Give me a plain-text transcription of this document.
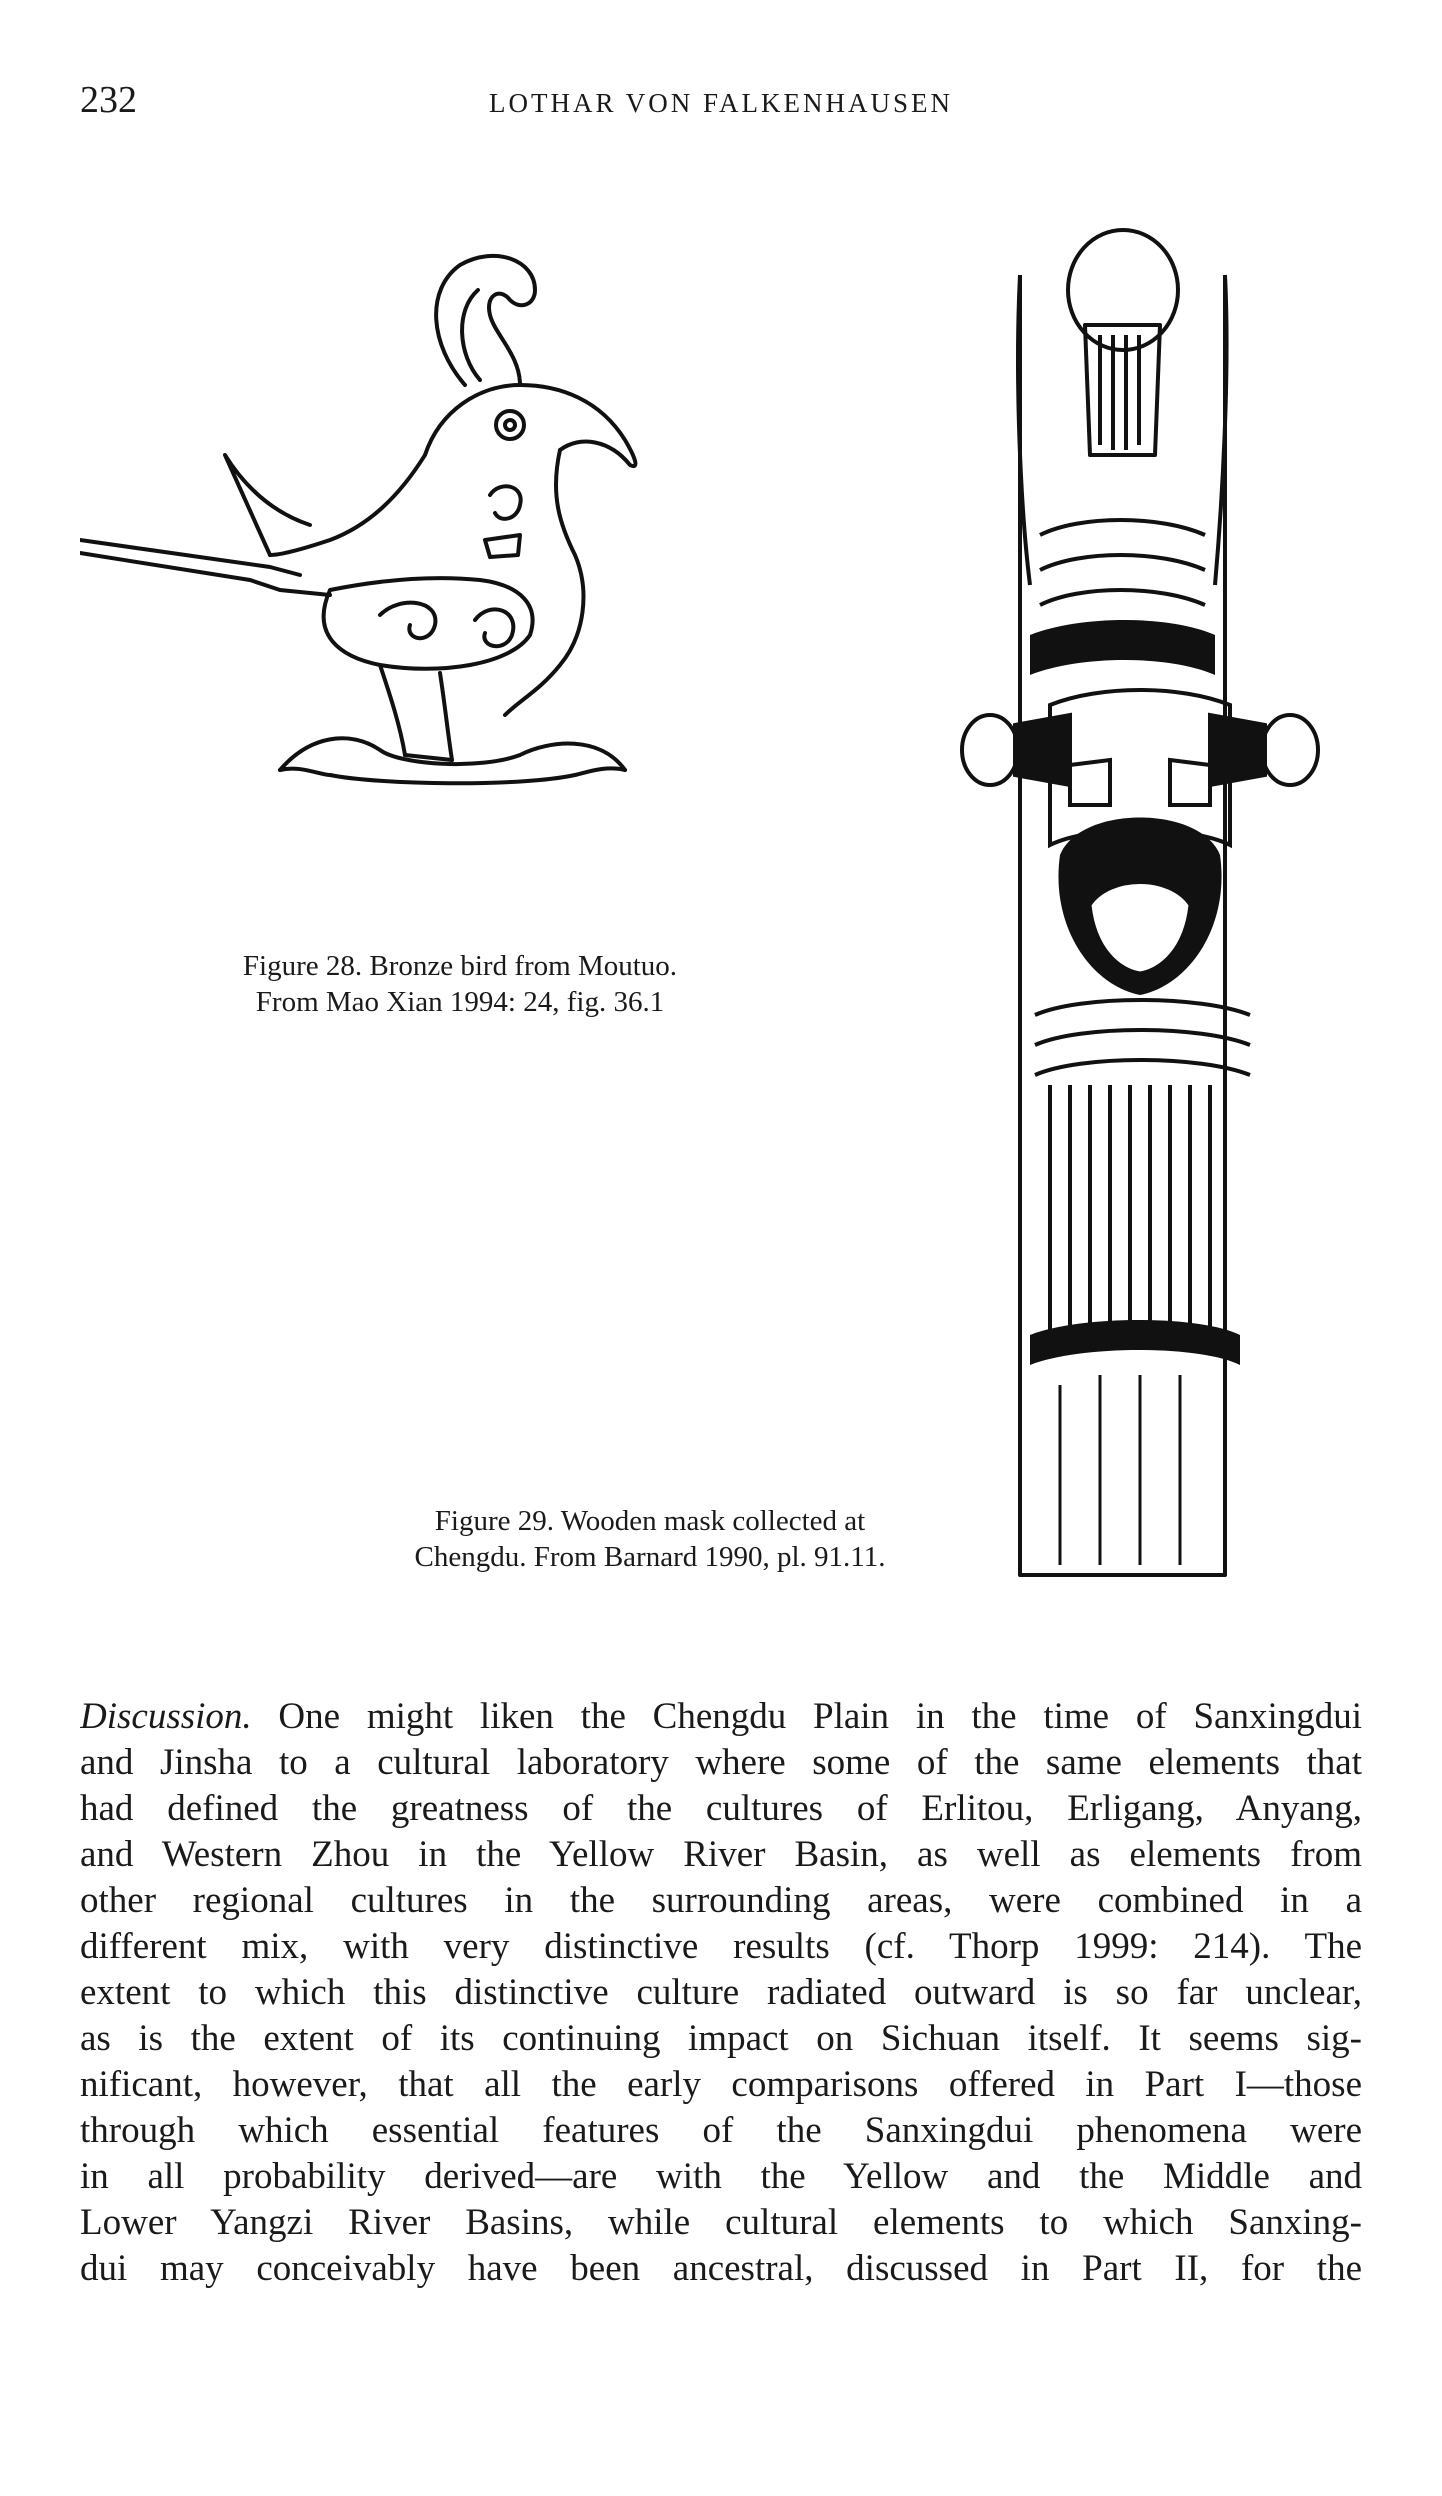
232	LOTHAR VON FALKENHAUSEN
Figure 28. Bronze bird from Moutuo.
From Mao Xian 1994: 24, fig. 36.1
Figure 29. Wooden mask collected at
Chengdu. From Barnard 1990, pl. 91.11.
Discussion. One might liken the Chengdu Plain in the time of Sanxingdui
and Jinsha to a cultural laboratory where some of the same elements that
had defined the greatness of the cultures of Erlitou, Erligang, Anyang,
and Western Zhou in the Yellow River Basin, as well as elements from
other regional cultures in the surrounding areas, were combined in a
different mix, with very distinctive results (cf. Thorp 1999: 214). The
extent to which this distinctive culture radiated outward is so far unclear,
as is the extent of its continuing impact on Sichuan itself. It seems sig-
nificant, however, that all the early comparisons offered in Part I—those
through which essential features of the Sanxingdui phenomena were
in all probability derived—are with the Yellow and the Middle and
Lower Yangzi River Basins, while cultural elements to which Sanxing-
dui may conceivably have been ancestral, discussed in Part II, for the
